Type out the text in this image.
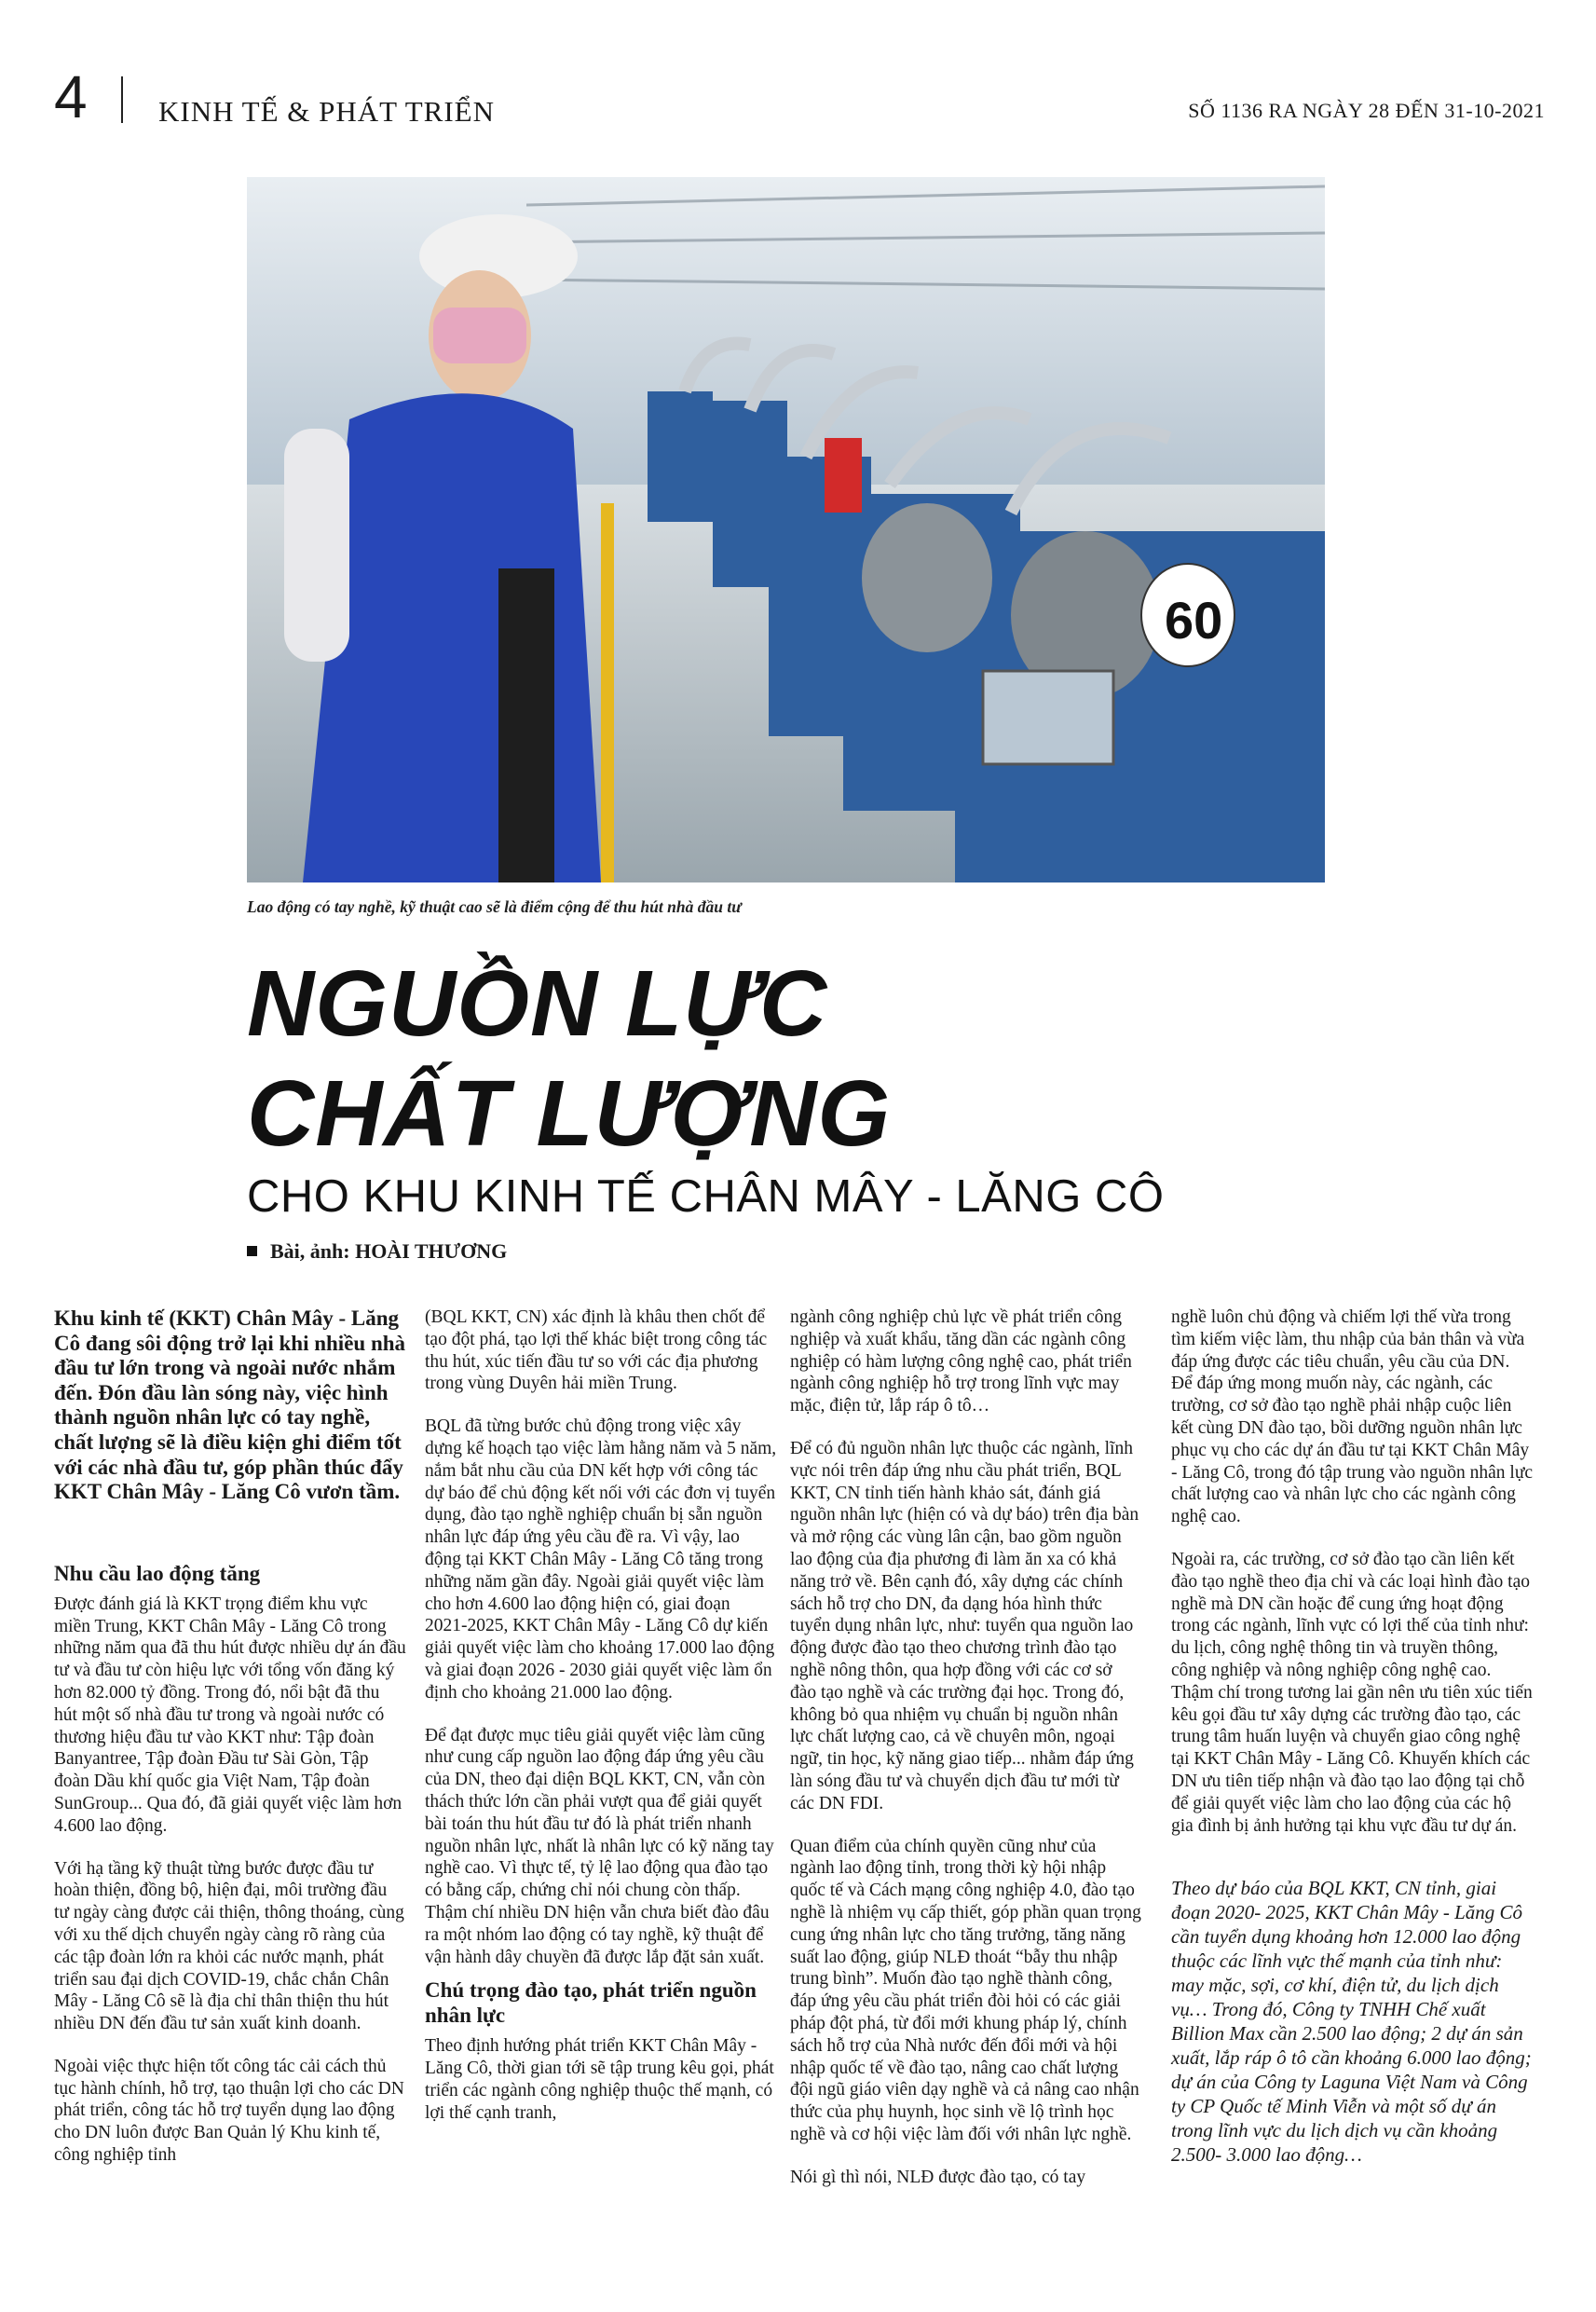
4 KINH TẾ & PHÁT TRIỂN	SỐ 1136 RA NGÀY 28 ĐẾN 31-10-2021
60
Lao động có tay nghề, kỹ thuật cao sẽ là điểm cộng để thu hút nhà đầu tư
NGUỒN LỰC
CHẤT LƯỢNG
CHO KHU KINH TẾ CHÂN MÂY - LĂNG CÔ
Bài, ảnh: HOÀI THƯƠNG

Khu kinh tế (KKT) Chân Mây - Lăng Cô đang sôi động trở lại khi nhiều nhà đầu tư lớn trong và ngoài nước nhắm đến. Đón đầu làn sóng này, việc hình thành nguồn nhân lực có tay nghề, chất lượng sẽ là điều kiện ghi điểm tốt với các nhà đầu tư, góp phần thúc đẩy KKT Chân Mây - Lăng Cô vươn tầm.

Nhu cầu lao động tăng

Được đánh giá là KKT trọng điểm khu vực miền Trung, KKT Chân Mây - Lăng Cô trong những năm qua đã thu hút được nhiều dự án đầu tư và đầu tư còn hiệu lực với tổng vốn đăng ký hơn 82.000 tỷ đồng. Trong đó, nổi bật đã thu hút một số nhà đầu tư trong và ngoài nước có thương hiệu đầu tư vào KKT như: Tập đoàn Banyantree, Tập đoàn Đầu tư Sài Gòn, Tập đoàn Dầu khí quốc gia Việt Nam, Tập đoàn SunGroup... Qua đó, đã giải quyết việc làm hơn 4.600 lao động.

Với hạ tầng kỹ thuật từng bước được đầu tư hoàn thiện, đồng bộ, hiện đại, môi trường đầu tư ngày càng được cải thiện, thông thoáng, cùng với xu thế dịch chuyển ngày càng rõ ràng của các tập đoàn lớn ra khỏi các nước mạnh, phát triển sau đại dịch COVID-19, chắc chắn Chân Mây - Lăng Cô sẽ là địa chỉ thân thiện thu hút nhiều DN đến đầu tư sản xuất kinh doanh.

Ngoài việc thực hiện tốt công tác cải cách thủ tục hành chính, hỗ trợ, tạo thuận lợi cho các DN phát triển, công tác hỗ trợ tuyển dụng lao động cho DN luôn được Ban Quản lý Khu kinh tế, công nghiệp tỉnh

(BQL KKT, CN) xác định là khâu then chốt để tạo đột phá, tạo lợi thế khác biệt trong công tác thu hút, xúc tiến đầu tư so với các địa phương trong vùng Duyên hải miền Trung.

BQL đã từng bước chủ động trong việc xây dựng kế hoạch tạo việc làm hằng năm và 5 năm, nắm bắt nhu cầu của DN kết hợp với công tác dự báo để chủ động kết nối với các đơn vị tuyển dụng, đào tạo nghề nghiệp chuẩn bị sẵn nguồn nhân lực đáp ứng yêu cầu đề ra. Vì vậy, lao động tại KKT Chân Mây - Lăng Cô tăng trong những năm gần đây. Ngoài giải quyết việc làm cho hơn 4.600 lao động hiện có, giai đoạn 2021-2025, KKT Chân Mây - Lăng Cô dự kiến giải quyết việc làm cho khoảng 17.000 lao động và giai đoạn 2026 - 2030 giải quyết việc làm ổn định cho khoảng 21.000 lao động.

Để đạt được mục tiêu giải quyết việc làm cũng như cung cấp nguồn lao động đáp ứng yêu cầu của DN, theo đại diện BQL KKT, CN, vẫn còn thách thức lớn cần phải vượt qua để giải quyết bài toán thu hút đầu tư đó là phát triển nhanh nguồn nhân lực, nhất là nhân lực có kỹ năng tay nghề cao. Vì thực tế, tỷ lệ lao động qua đào tạo có bằng cấp, chứng chỉ nói chung còn thấp. Thậm chí nhiều DN hiện vẫn chưa biết đào đâu ra một nhóm lao động có tay nghề, kỹ thuật để vận hành dây chuyền đã được lắp đặt sản xuất.

Chú trọng đào tạo, phát triển nguồn nhân lực

Theo định hướng phát triển KKT Chân Mây - Lăng Cô, thời gian tới sẽ tập trung kêu gọi, phát triển các ngành công nghiệp thuộc thế mạnh, có lợi thế cạnh tranh,

ngành công nghiệp chủ lực về phát triển công nghiệp và xuất khẩu, tăng dần các ngành công nghiệp có hàm lượng công nghệ cao, phát triển ngành công nghiệp hỗ trợ trong lĩnh vực may mặc, điện tử, lắp ráp ô tô…

Để có đủ nguồn nhân lực thuộc các ngành, lĩnh vực nói trên đáp ứng nhu cầu phát triển, BQL KKT, CN tỉnh tiến hành khảo sát, đánh giá nguồn nhân lực (hiện có và dự báo) trên địa bàn và mở rộng các vùng lân cận, bao gồm nguồn lao động của địa phương đi làm ăn xa có khả năng trở về. Bên cạnh đó, xây dựng các chính sách hỗ trợ cho DN, đa dạng hóa hình thức tuyển dụng nhân lực, như: tuyển qua nguồn lao động được đào tạo theo chương trình đào tạo nghề nông thôn, qua hợp đồng với các cơ sở đào tạo nghề và các trường đại học. Trong đó, không bỏ qua nhiệm vụ chuẩn bị nguồn nhân lực chất lượng cao, cả về chuyên môn, ngoại ngữ, tin học, kỹ năng giao tiếp... nhằm đáp ứng làn sóng đầu tư và chuyển dịch đầu tư mới từ các DN FDI.

Quan điểm của chính quyền cũng như của ngành lao động tỉnh, trong thời kỳ hội nhập quốc tế và Cách mạng công nghiệp 4.0, đào tạo nghề là nhiệm vụ cấp thiết, góp phần quan trọng cung ứng nhân lực cho tăng trưởng, tăng năng suất lao động, giúp NLĐ thoát “bẫy thu nhập trung bình”. Muốn đào tạo nghề thành công, đáp ứng yêu cầu phát triển đòi hỏi có các giải pháp đột phá, từ đổi mới khung pháp lý, chính sách hỗ trợ của Nhà nước đến đổi mới và hội nhập quốc tế về đào tạo, nâng cao chất lượng đội ngũ giáo viên dạy nghề và cả nâng cao nhận thức của phụ huynh, học sinh về lộ trình học nghề và cơ hội việc làm đối với nhân lực nghề.

Nói gì thì nói, NLĐ được đào tạo, có tay

nghề luôn chủ động và chiếm lợi thế vừa trong tìm kiếm việc làm, thu nhập của bản thân và vừa đáp ứng được các tiêu chuẩn, yêu cầu của DN. Để đáp ứng mong muốn này, các ngành, các trường, cơ sở đào tạo nghề phải nhập cuộc liên kết cùng DN đào tạo, bồi dưỡng nguồn nhân lực phục vụ cho các dự án đầu tư tại KKT Chân Mây - Lăng Cô, trong đó tập trung vào nguồn nhân lực chất lượng cao và nhân lực cho các ngành công nghệ cao.

Ngoài ra, các trường, cơ sở đào tạo cần liên kết đào tạo nghề theo địa chỉ và các loại hình đào tạo nghề mà DN cần hoặc để cung ứng hoạt động trong các ngành, lĩnh vực có lợi thế của tỉnh như: du lịch, công nghệ thông tin và truyền thông, công nghiệp và nông nghiệp công nghệ cao. Thậm chí trong tương lai gần nên ưu tiên xúc tiến kêu gọi đầu tư xây dựng các trường đào tạo, các trung tâm huấn luyện và chuyển giao công nghệ tại KKT Chân Mây - Lăng Cô. Khuyến khích các DN ưu tiên tiếp nhận và đào tạo lao động tại chỗ để giải quyết việc làm cho lao động của các hộ gia đình bị ảnh hưởng tại khu vực đầu tư dự án.

Theo dự báo của BQL KKT, CN tỉnh, giai đoạn 2020- 2025, KKT Chân Mây - Lăng Cô cần tuyển dụng khoảng hơn 12.000 lao động thuộc các lĩnh vực thế mạnh của tỉnh như: may mặc, sợi, cơ khí, điện tử, du lịch dịch vụ… Trong đó, Công ty TNHH Chế xuất Billion Max cần 2.500 lao động; 2 dự án sản xuất, lắp ráp ô tô cần khoảng 6.000 lao động; dự án của Công ty Laguna Việt Nam và Công ty CP Quốc tế Minh Viễn và một số dự án trong lĩnh vực du lịch dịch vụ cần khoảng 2.500- 3.000 lao động…
